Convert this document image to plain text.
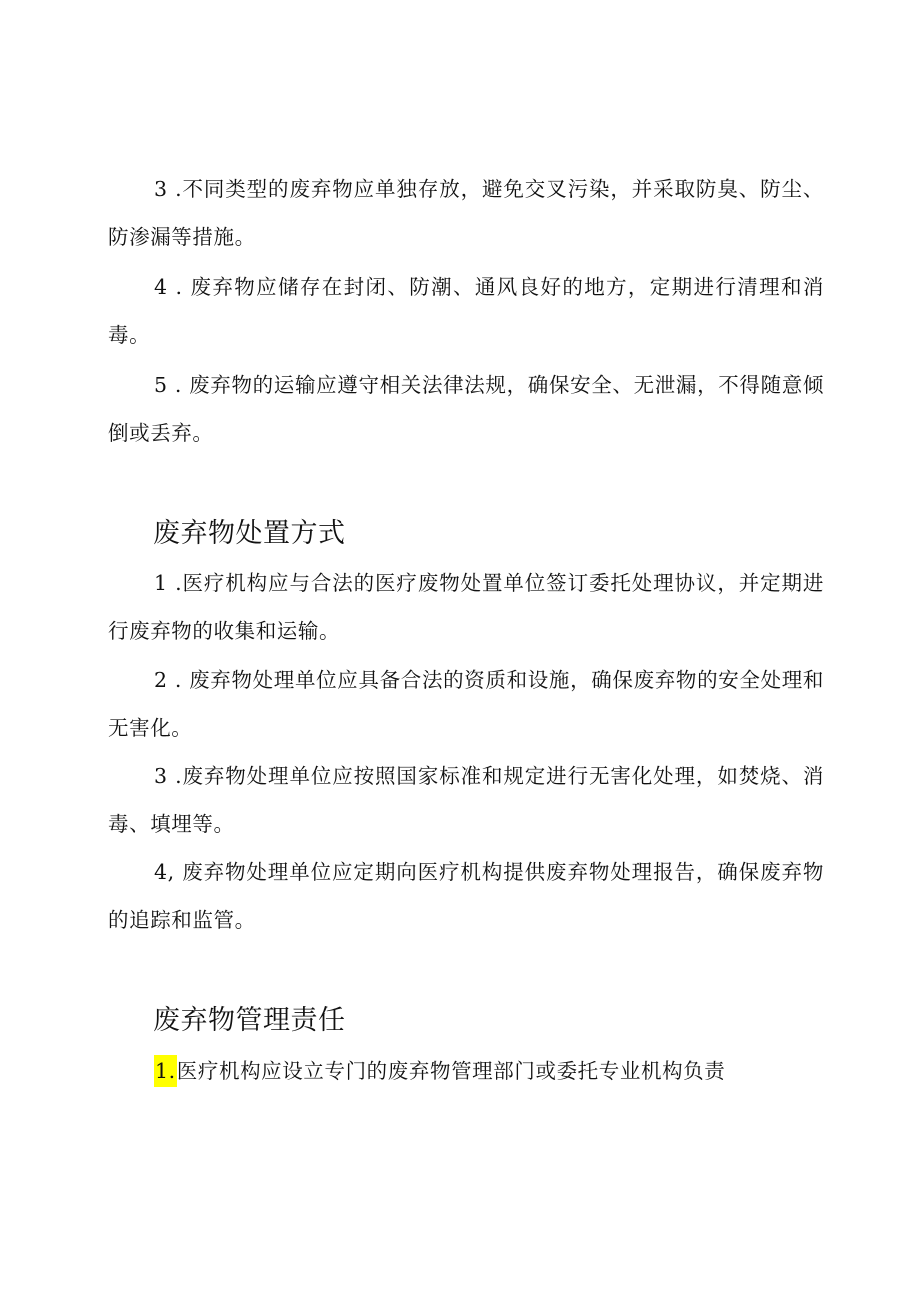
3 .不同类型的废弃物应单独存放，避免交叉污染，并采取防臭、防尘、防渗漏等措施。

4 . 废弃物应储存在封闭、防潮、通风良好的地方，定期进行清理和消毒。

5 . 废弃物的运输应遵守相关法律法规，确保安全、无泄漏，不得随意倾倒或丢弃。

废弃物处置方式

1 .医疗机构应与合法的医疗废物处置单位签订委托处理协议，并定期进行废弃物的收集和运输。

2 . 废弃物处理单位应具备合法的资质和设施，确保废弃物的安全处理和无害化。

3 .废弃物处理单位应按照国家标准和规定进行无害化处理，如焚烧、消毒、填埋等。

4, 废弃物处理单位应定期向医疗机构提供废弃物处理报告，确保废弃物的追踪和监管。

废弃物管理责任

1.医疗机构应设立专门的废弃物管理部门或委托专业机构负责
